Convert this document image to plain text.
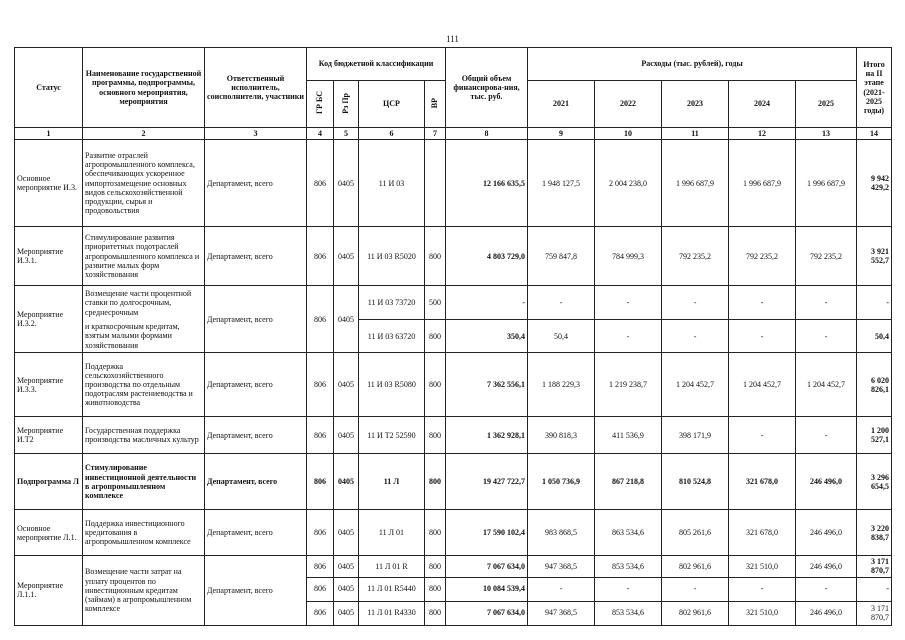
111
Статус	Наименование государственной программы, подпрограммы, основного мероприятия, мероприятия	Ответственный исполнитель, соисполнители, участники	Код бюджетной классификации				Общий объем финансирова-ния, тыс. руб.	Расходы (тыс. рублей), годы					Итого на II этапе (2021-2025 годы)
			ГР БС	Рз Пр	ЦСР	ВР		2021	2022	2023	2024	2025	
1	2	3	4	5	6	7	8	9	10	11	12	13	14
Основное мероприятие И.3.	Развитие отраслей агропромышленного комплекса, обеспечивающих ускоренное импортозамещение основных видов сельскохозяйственной продукции, сырья и продовольствия	Департамент, всего	806	0405	11 И 03		12 166 635,5	1 948 127,5	2 004 238,0	1 996 687,9	1 996 687,9	1 996 687,9	9 942 429,2
Мероприятие И.3.1.	Стимулирование развития приоритетных подотраслей агропромышленного комплекса и развитие малых форм хозяйствования	Департамент, всего	806	0405	11 И 03 R5020	800	4 803 729,0	759 847,8	784 999,3	792 235,2	792 235,2	792 235,2	3 921 552,7
Мероприятие И.3.2.	Возмещение части процентной ставки по долгосрочным, среднесрочным	Департамент, всего	806	0405	11 И 03 73720	500	-	-	-	-	-	-	-
	и краткосрочным кредитам, взятым малыми формами хозяйствования				11 И 03 63720	800	350,4	50,4	-	-	-	-	50,4
Мероприятие И.3.3.	Поддержка сельскохозяйственного производства по отдельным подотраслям растениеводства и животноводства	Департамент, всего	806	0405	11 И 03 R5080	800	7 362 556,1	1 188 229,3	1 219 238,7	1 204 452,7	1 204 452,7	1 204 452,7	6 020 826,1
Мероприятие И.Т2	Государственная поддержка производства масличных культур	Департамент, всего	806	0405	11 И Т2 52590	800	1 362 928,1	390 818,3	411 536,9	398 171,9	-	-	1 200 527,1
Подпрограмма Л	Стимулирование инвестиционной деятельности в агропромышленном комплексе	Департамент, всего	806	0405	11 Л	800	19 427 722,7	1 050 736,9	867 218,8	810 524,8	321 678,0	246 496,0	3 296 654,5
Основное мероприятие Л.1.	Поддержка инвестиционного кредитования в агропромышленном комплексе	Департамент, всего	806	0405	11 Л 01	800	17 590 102,4	983 868,5	863 534,6	805 261,6	321 678,0	246 496,0	3 220 838,7
Мероприятие Л.1.1.	Возмещение части затрат на уплату процентов по инвестиционным кредитам (займам) в агропромышленном комплексе	Департамент, всего	806	0405	11 Л 01 R	800	7 067 634,0	947 368,5	853 534,6	802 961,6	321 510,0	246 496,0	3 171 870,7
			806	0405	11 Л 01 R5440	800	10 084 539,4	-	-	-	-	-	-
			806	0405	11 Л 01 R4330	800	7 067 634,0	947 368,5	853 534,6	802 961,6	321 510,0	246 496,0	3 171 870,7
